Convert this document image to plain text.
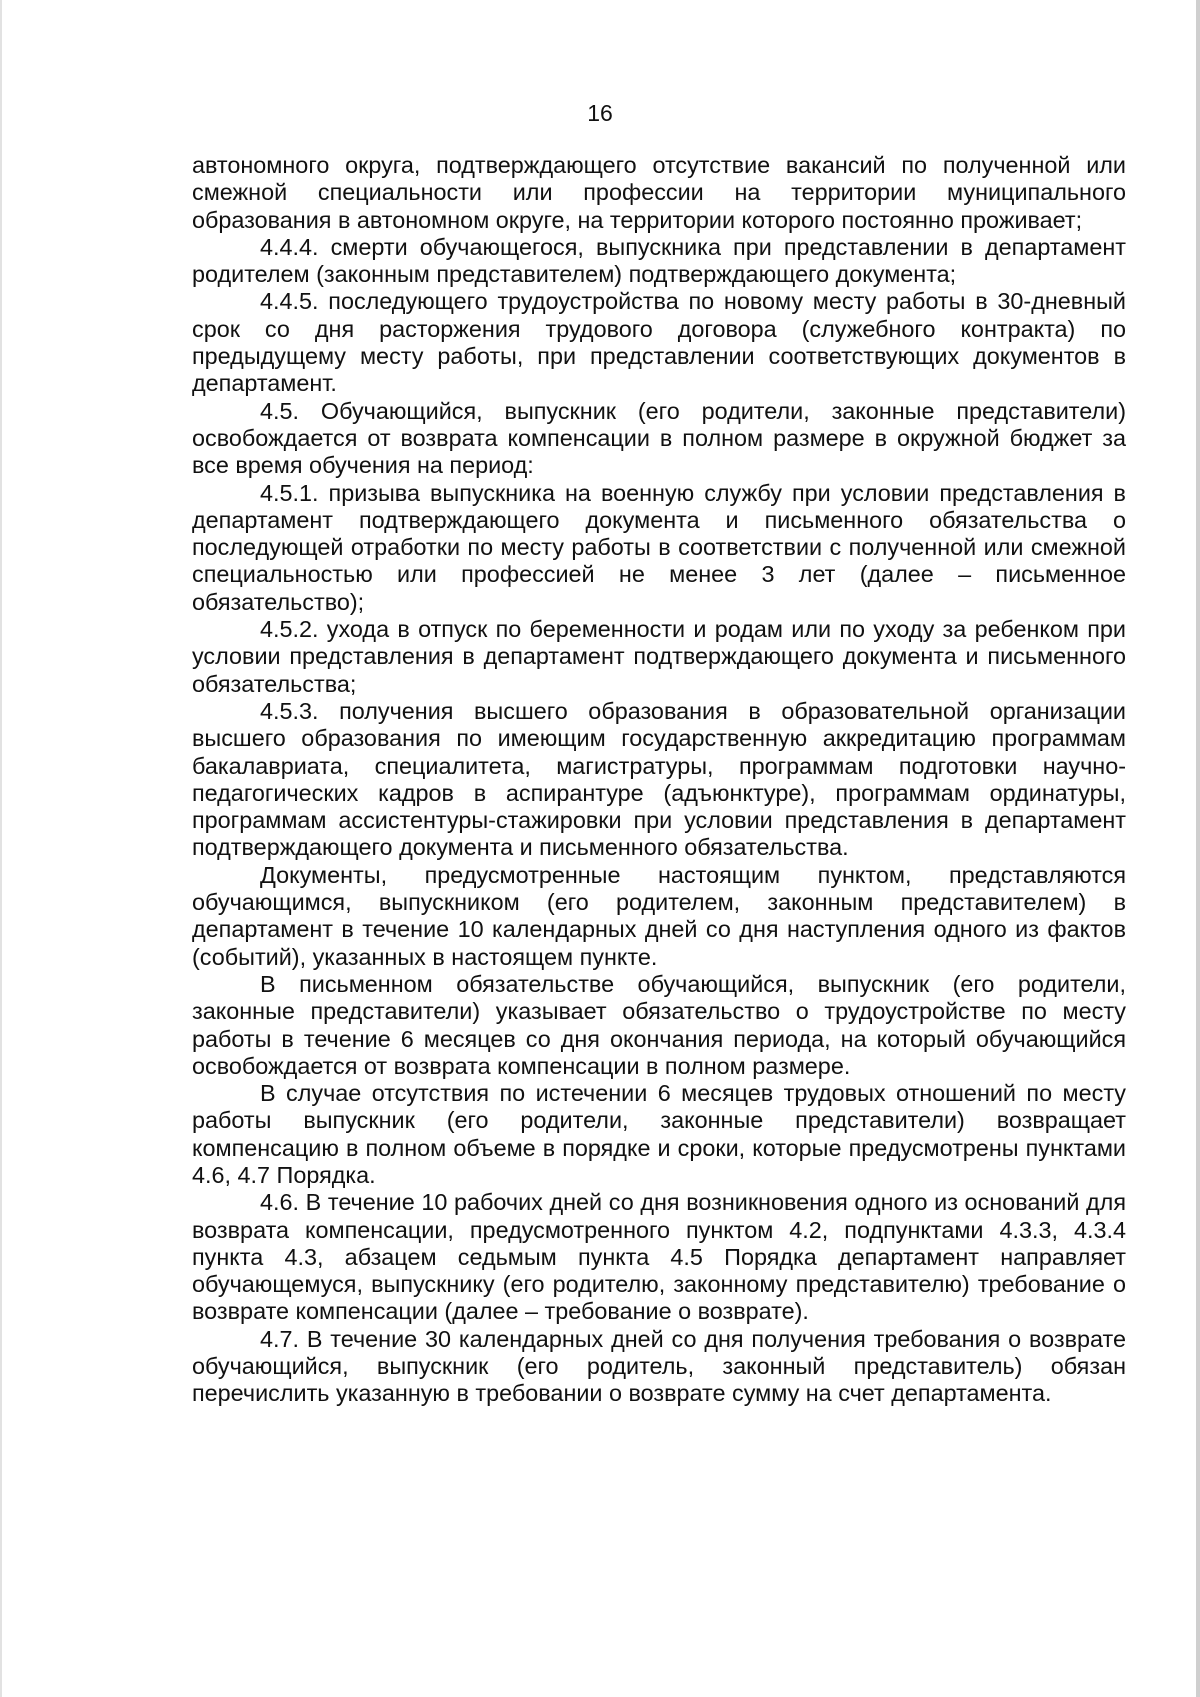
16

автономного округа, подтверждающего отсутствие вакансий по полученной или смежной специальности или профессии на территории муниципального образования в автономном округе, на территории которого постоянно проживает;

4.4.4. смерти обучающегося, выпускника при представлении в департамент родителем (законным представителем) подтверждающего документа;

4.4.5. последующего трудоустройства по новому месту работы в 30-дневный срок со дня расторжения трудового договора (служебного контракта) по предыдущему месту работы, при представлении соответствующих документов в департамент.

4.5. Обучающийся, выпускник (его родители, законные представители) освобождается от возврата компенсации в полном размере в окружной бюджет за все время обучения на период:

4.5.1. призыва выпускника на военную службу при условии представления в департамент подтверждающего документа и письменного обязательства о последующей отработки по месту работы в соответствии с полученной или смежной специальностью или профессией не менее 3 лет (далее – письменное обязательство);

4.5.2. ухода в отпуск по беременности и родам или по уходу за ребенком при условии представления в департамент подтверждающего документа и письменного обязательства;

4.5.3. получения высшего образования в образовательной организации высшего образования по имеющим государственную аккредитацию программам бакалавриата, специалитета, магистратуры, программам подготовки научно-педагогических кадров в аспирантуре (адъюнктуре), программам ординатуры, программам ассистентуры-стажировки при условии представления в департамент подтверждающего документа и письменного обязательства.

Документы, предусмотренные настоящим пунктом, представляются обучающимся, выпускником (его родителем, законным представителем) в департамент в течение 10 календарных дней со дня наступления одного из фактов (событий), указанных в настоящем пункте.

В письменном обязательстве обучающийся, выпускник (его родители, законные представители) указывает обязательство о трудоустройстве по месту работы в течение 6 месяцев со дня окончания периода, на который обучающийся освобождается от возврата компенсации в полном размере.

В случае отсутствия по истечении 6 месяцев трудовых отношений по месту работы выпускник (его родители, законные представители) возвращает компенсацию в полном объеме в порядке и сроки, которые предусмотрены пунктами 4.6, 4.7 Порядка.

4.6. В течение 10 рабочих дней со дня возникновения одного из оснований для возврата компенсации, предусмотренного пунктом 4.2, подпунктами 4.3.3, 4.3.4 пункта 4.3, абзацем седьмым пункта 4.5 Порядка департамент направляет обучающемуся, выпускнику (его родителю, законному представителю) требование о возврате компенсации (далее – требование о возврате).

4.7. В течение 30 календарных дней со дня получения требования о возврате обучающийся, выпускник (его родитель, законный представитель) обязан перечислить указанную в требовании о возврате сумму на счет департамента.
